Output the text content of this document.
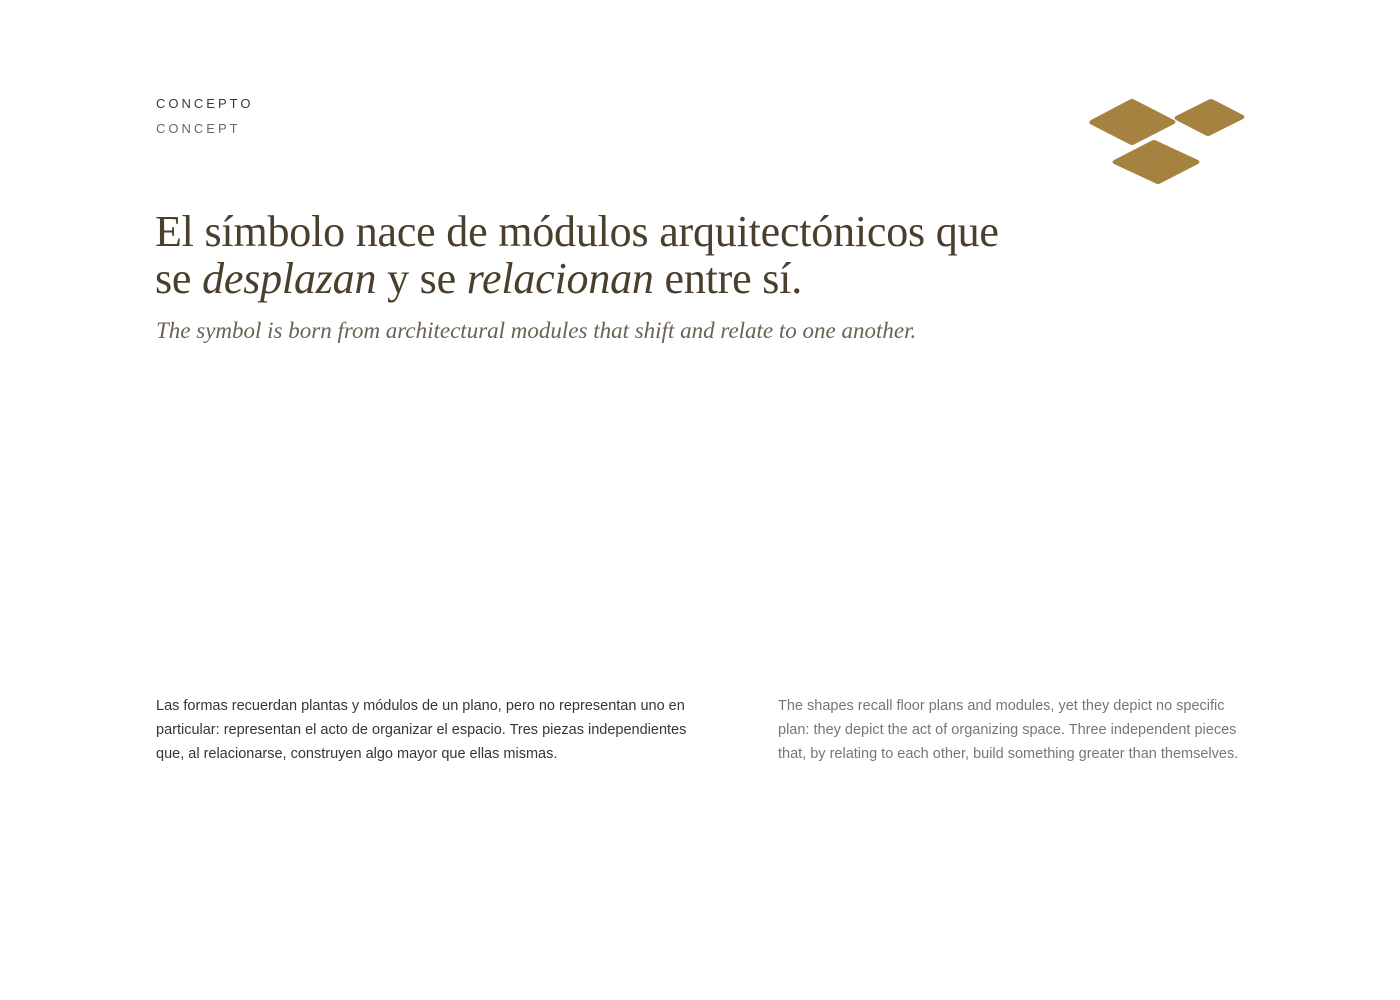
CONCEPTO
CONCEPT
El símbolo nace de módulos arquitectónicos que se desplazan y se relacionan entre sí.

The symbol is born from architectural modules that shift and relate to one another.

Las formas recuerdan plantas y módulos de un plano, pero no representan uno en particular: representan el acto de organizar el espacio. Tres piezas independientes que, al relacionarse, construyen algo mayor que ellas mismas.

The shapes recall floor plans and modules, yet they depict no specific plan: they depict the act of organizing space. Three independent pieces that, by relating to each other, build something greater than themselves.
